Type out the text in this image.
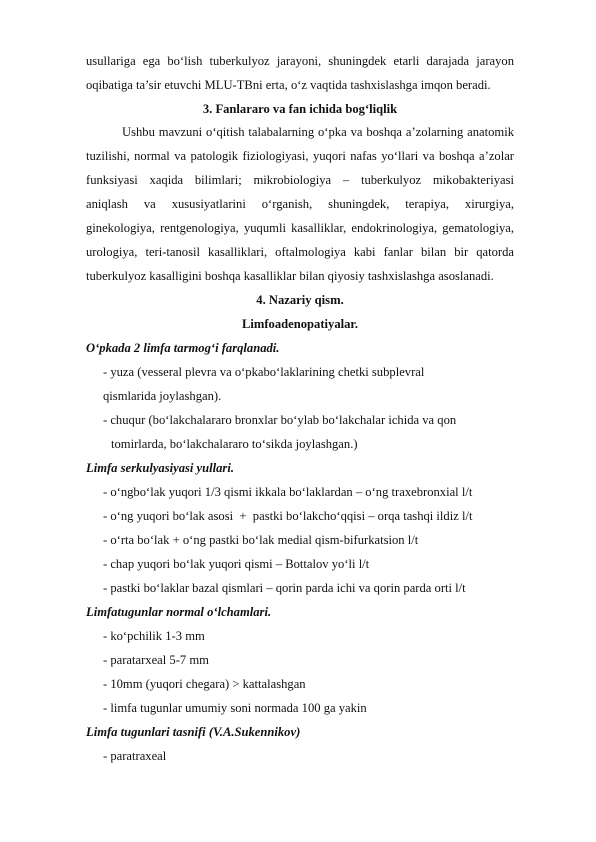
usullariga ega bo‘lish tuberkulyoz jarayoni, shuningdek etarli darajada jarayon
oqibatiga ta’sir etuvchi MLU-TBni erta, o‘z vaqtida tashxislashga imqon beradi.
3. Fanlararo va fan ichida bog‘liqlik
Ushbu mavzuni o‘qitish talabalarning o‘pka va boshqa a’zolarning anatomik
tuzilishi, normal va patologik fiziologiyasi, yuqori nafas yo‘llari va boshqa a’zolar
funksiyasi xaqida bilimlari; mikrobiologiya – tuberkulyoz mikobakteriyasi
aniqlash va xususiyatlarini o‘rganish, shuningdek, terapiya, xirurgiya,
ginekologiya, rentgenologiya, yuqumli kasalliklar, endokrinologiya, gematologiya,
urologiya, teri-tanosil kasalliklari, oftalmologiya kabi fanlar bilan bir qatorda
tuberkulyoz kasalligini boshqa kasalliklar bilan qiyosiy tashxislashga asoslanadi.
4. Nazariy qism.
Limfoadenopatiyalar.
O‘pkada 2 limfa tarmog‘i farqlanadi.
- yuza (vesseral plevra va o‘pkabo‘laklarining chetki subplevral
qismlarida joylashgan).
- chuqur (bo‘lakchalararo bronxlar bo‘ylab bo‘lakchalar ichida va qon
tomirlarda, bo‘lakchalararo to‘sikda joylashgan.)
Limfa serkulyasiyasi yullari.
- o‘ngbo‘lak yuqori 1/3 qismi ikkala bo‘laklardan – o‘ng traxebronxial l/t
- o‘ng yuqori bo‘lak asosi  +  pastki bo‘lakcho‘qqisi – orqa tashqi ildiz l/t
- o‘rta bo‘lak + o‘ng pastki bo‘lak medial qism-bifurkatsion l/t
- chap yuqori bo‘lak yuqori qismi – Bottalov yo‘li l/t
- pastki bo‘laklar bazal qismlari – qorin parda ichi va qorin parda orti l/t
Limfatugunlar normal o‘lchamlari.
- ko‘pchilik 1-3 mm
- paratarxeal 5-7 mm
- 10mm (yuqori chegara) > kattalashgan
- limfa tugunlar umumiy soni normada 100 ga yakin
Limfa tugunlari tasnifi (V.A.Sukennikov)
- paratraxeal
